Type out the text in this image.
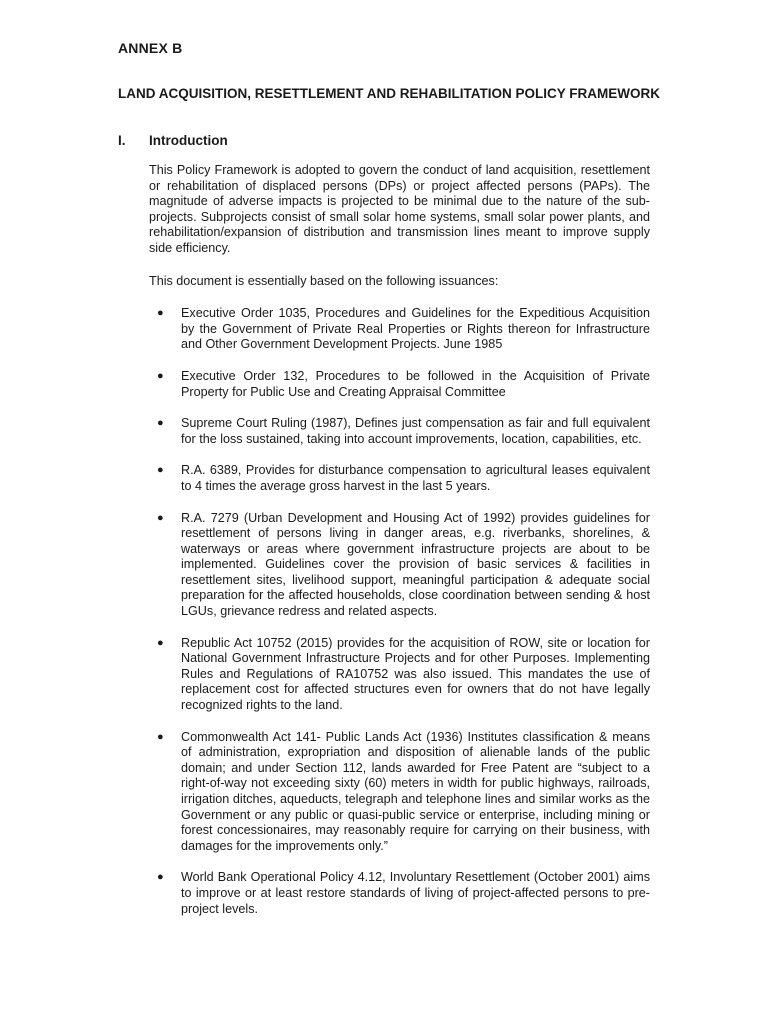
ANNEX B
LAND ACQUISITION, RESETTLEMENT AND REHABILITATION POLICY FRAMEWORK
I. Introduction

This Policy Framework is adopted to govern the conduct of land acquisition, resettlement or rehabilitation of displaced persons (DPs) or project affected persons (PAPs). The magnitude of adverse impacts is projected to be minimal due to the nature of the sub-projects. Subprojects consist of small solar home systems, small solar power plants, and rehabilitation/expansion of distribution and transmission lines meant to improve supply side efficiency.

This document is essentially based on the following issuances:

● Executive Order 1035, Procedures and Guidelines for the Expeditious Acquisition by the Government of Private Real Properties or Rights thereon for Infrastructure and Other Government Development Projects. June 1985
● Executive Order 132, Procedures to be followed in the Acquisition of Private Property for Public Use and Creating Appraisal Committee
● Supreme Court Ruling (1987), Defines just compensation as fair and full equivalent for the loss sustained, taking into account improvements, location, capabilities, etc.
● R.A. 6389, Provides for disturbance compensation to agricultural leases equivalent to 4 times the average gross harvest in the last 5 years.
● R.A. 7279 (Urban Development and Housing Act of 1992) provides guidelines for resettlement of persons living in danger areas, e.g. riverbanks, shorelines, & waterways or areas where government infrastructure projects are about to be implemented. Guidelines cover the provision of basic services & facilities in resettlement sites, livelihood support, meaningful participation & adequate social preparation for the affected households, close coordination between sending & host LGUs, grievance redress and related aspects.
● Republic Act 10752 (2015) provides for the acquisition of ROW, site or location for National Government Infrastructure Projects and for other Purposes. Implementing Rules and Regulations of RA10752 was also issued. This mandates the use of replacement cost for affected structures even for owners that do not have legally recognized rights to the land.
● Commonwealth Act 141- Public Lands Act (1936) Institutes classification & means of administration, expropriation and disposition of alienable lands of the public domain; and under Section 112, lands awarded for Free Patent are “subject to a right-of-way not exceeding sixty (60) meters in width for public highways, railroads, irrigation ditches, aqueducts, telegraph and telephone lines and similar works as the Government or any public or quasi-public service or enterprise, including mining or forest concessionaires, may reasonably require for carrying on their business, with damages for the improvements only.”
● World Bank Operational Policy 4.12, Involuntary Resettlement (October 2001) aims to improve or at least restore standards of living of project-affected persons to pre-project levels.
